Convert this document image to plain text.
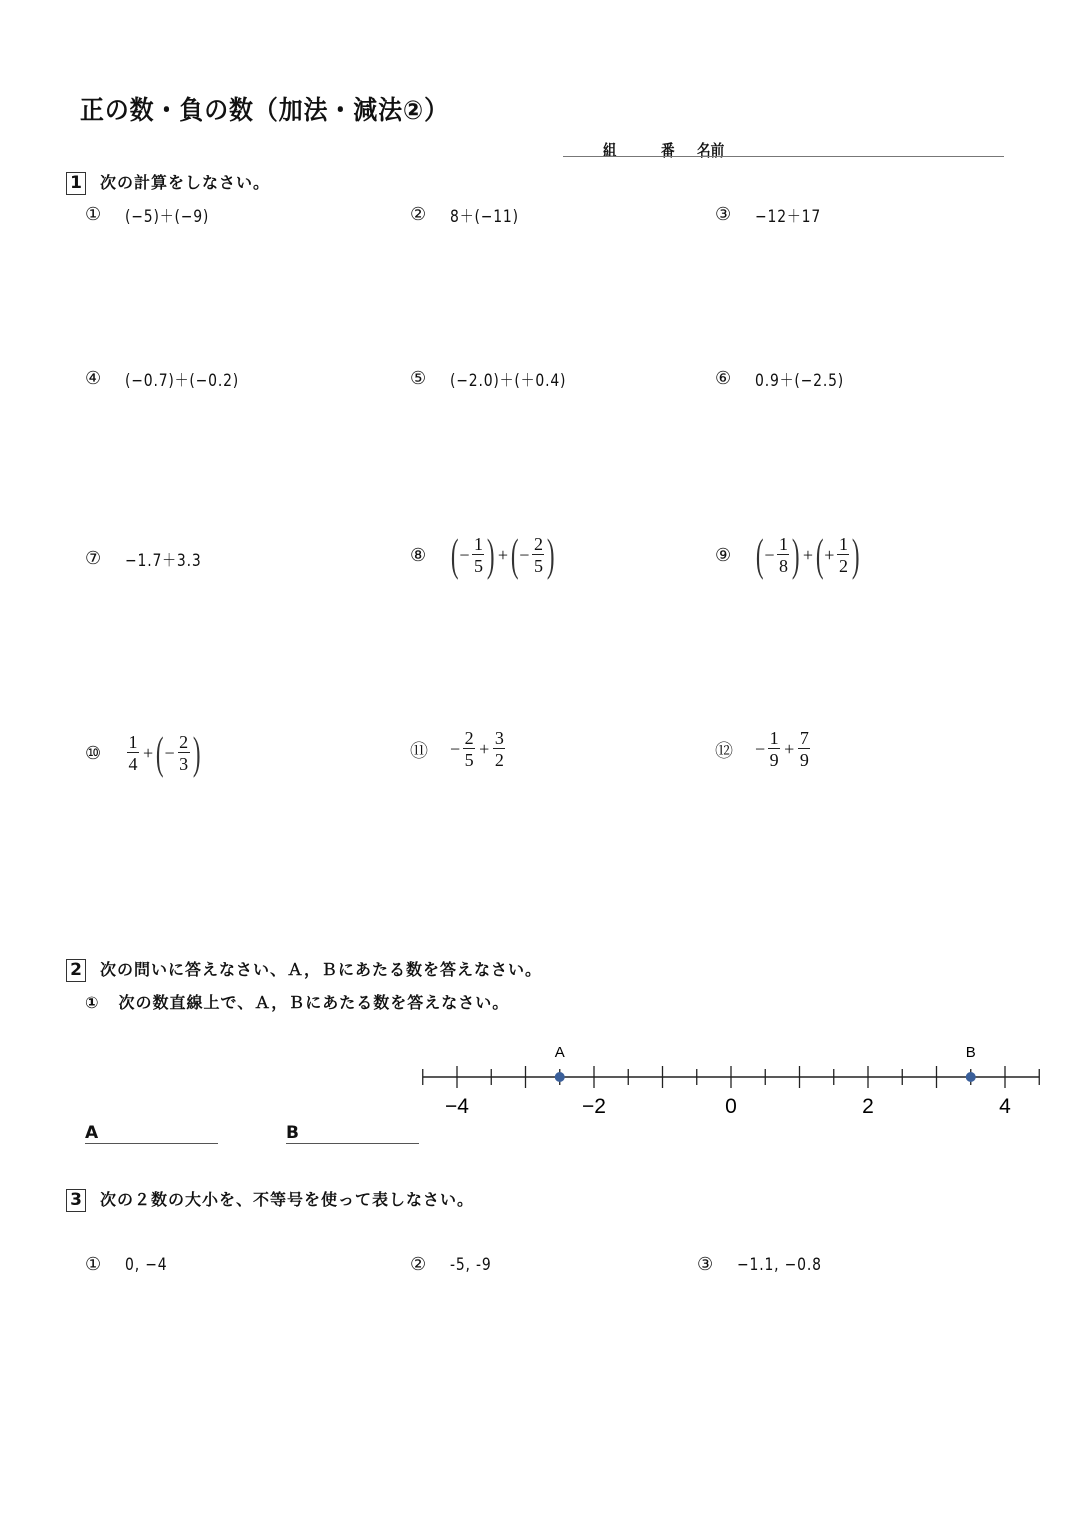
正の数・負の数（加法・減法②）
組	番 名前
1 次の計算をしなさい。
①	(−5)＋(−9)	②	8＋(−11)	③	−12＋17
④	(−0.7)＋(−0.2)	⑤	(−2.0)＋(＋0.4)	⑥	0.9＋(−2.5)
⑦	−1.7＋3.3	⑧ ( − $\frac{1}{5}$ ) + ( − $\frac{2}{5}$ )	⑨ ( − $\frac{1}{8}$ ) + ( + $\frac{1}{2}$ )
⑩	$\frac{1}{4}$ + ( − $\frac{2}{3}$ )	⑪	− $\frac{2}{5} + \frac{3}{2}$	⑫	− $\frac{1}{9} + \frac{7}{9}$
2 次の問いに答えなさい、Ａ，Ｂにあたる数を答えなさい。
① 次の数直線上で、Ａ，Ｂにあたる数を答えなさい。
−4	−2	0	2	4
A	B
A	B
3 次の２数の大小を、不等号を使って表しなさい。
①	0, −4	②	-5, -9	③	−1.1, −0.8
